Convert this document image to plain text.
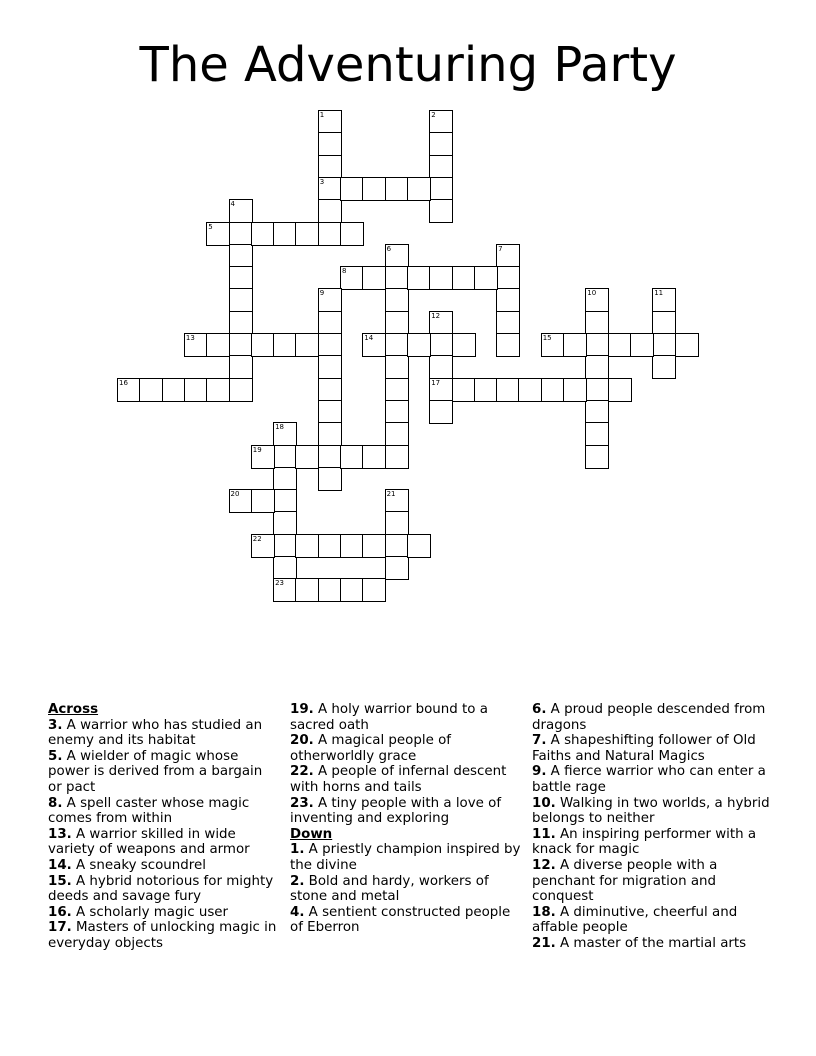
The Adventuring Party
1
3
2
4
5
6	7
8
9	10	11
12
17
13	14	15
16
18
23
19
20	21
22
Across
3. A warrior who has studied an enemy and its habitat
5. A wielder of magic whose power is derived from a bargain or pact
8. A spell caster whose magic comes from within
13. A warrior skilled in wide variety of weapons and armor
14. A sneaky scoundrel
15. A hybrid notorious for mighty deeds and savage fury
16. A scholarly magic user
17. Masters of unlocking magic in everyday objects
19. A holy warrior bound to a sacred oath
20. A magical people of otherworldly grace
22. A people of infernal descent with horns and tails
23. A tiny people with a love of inventing and exploring
Down
1. A priestly champion inspired by the divine
2. Bold and hardy, workers of stone and metal
4. A sentient constructed people of Eberron
6. A proud people descended from dragons
7. A shapeshifting follower of Old Faiths and Natural Magics
9. A fierce warrior who can enter a battle rage
10. Walking in two worlds, a hybrid belongs to neither
11. An inspiring performer with a knack for magic
12. A diverse people with a penchant for migration and conquest
18. A diminutive, cheerful and affable people
21. A master of the martial arts
